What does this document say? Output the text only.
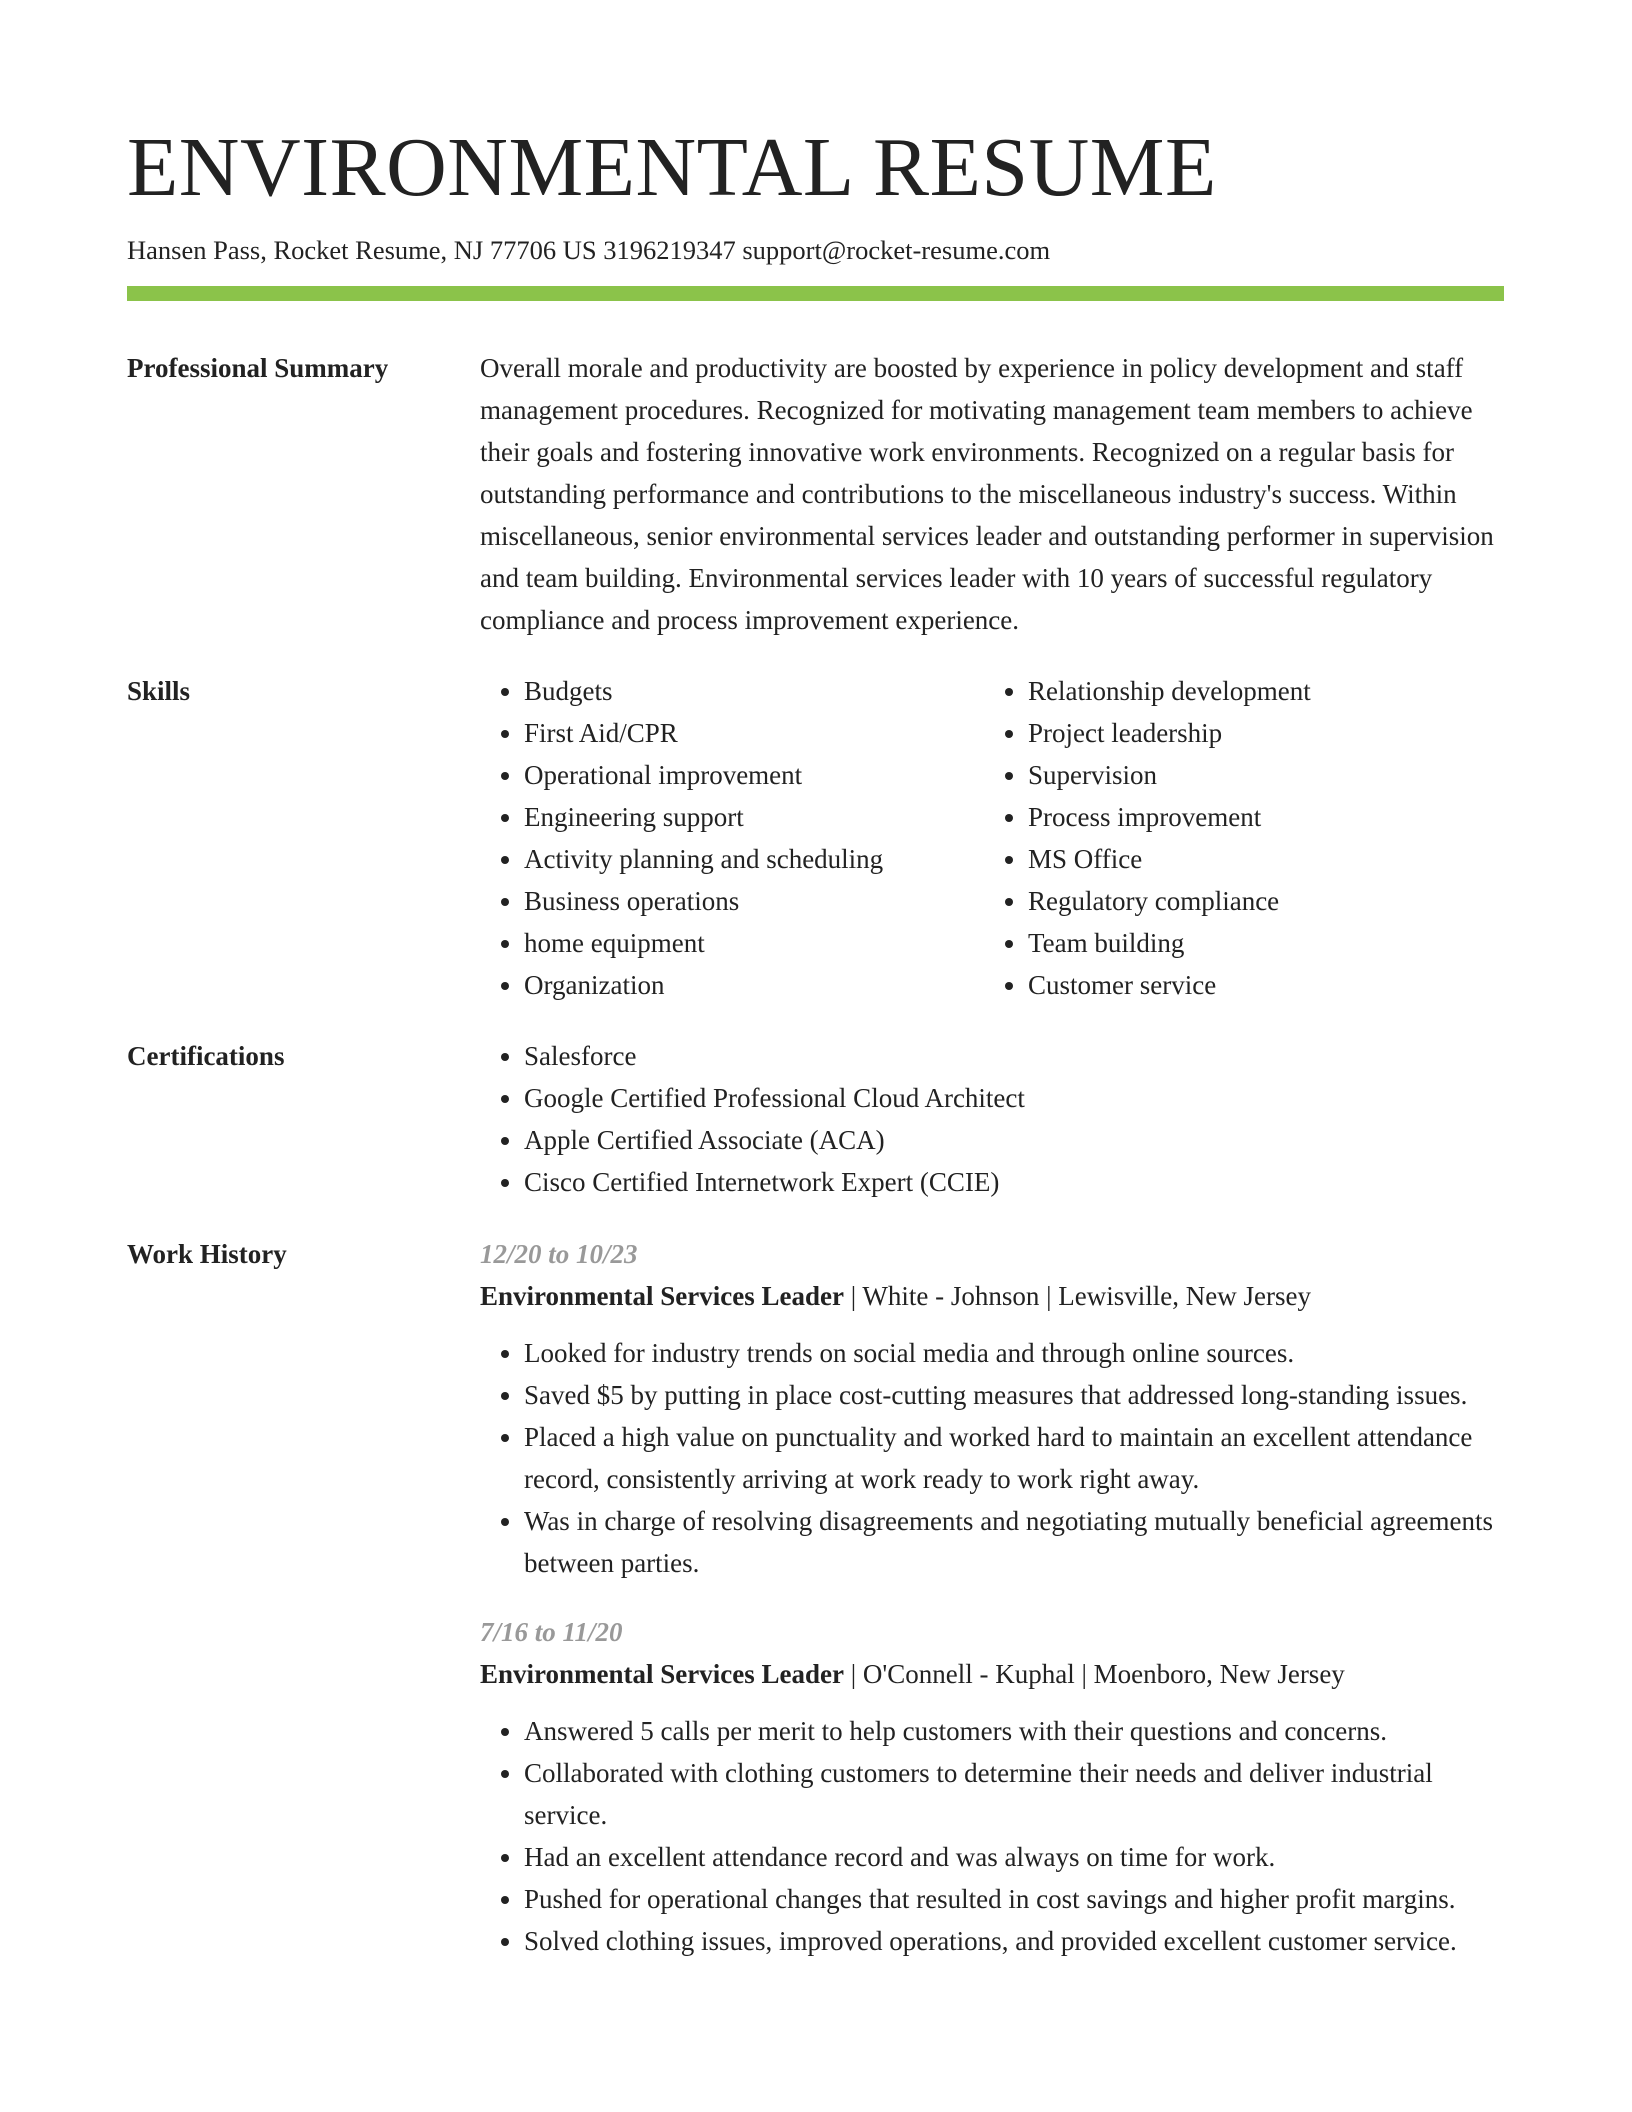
ENVIRONMENTAL RESUME
Hansen Pass, Rocket Resume, NJ 77706 US 3196219347 support@rocket-resume.com
Professional Summary	Overall morale and productivity are boosted by experience in policy development and staff management procedures. Recognized for motivating management team members to achieve their goals and fostering innovative work environments. Recognized on a regular basis for outstanding performance and contributions to the miscellaneous industry's success. Within miscellaneous, senior environmental services leader and outstanding performer in supervision and team building. Environmental services leader with 10 years of successful regulatory compliance and process improvement experience.

Skills	• Budgets
• First Aid/CPR
• Operational improvement
• Engineering support
• Activity planning and scheduling
• Business operations
• home equipment
• Organization
• Relationship development
• Project leadership
• Supervision
• Process improvement
• MS Office
• Regulatory compliance
• Team building
• Customer service
Certifications	• Salesforce
• Google Certified Professional Cloud Architect
• Apple Certified Associate (ACA)
• Cisco Certified Internetwork Expert (CCIE)
Work History	12/20 to 10/23
Environmental Services Leader | White - Johnson | Lewisville, New Jersey
• Looked for industry trends on social media and through online sources.
• Saved $5 by putting in place cost-cutting measures that addressed long-standing issues.
• Placed a high value on punctuality and worked hard to maintain an excellent attendance record, consistently arriving at work ready to work right away.
• Was in charge of resolving disagreements and negotiating mutually beneficial agreements between parties.
7/16 to 11/20
Environmental Services Leader | O'Connell - Kuphal | Moenboro, New Jersey
• Answered 5 calls per merit to help customers with their questions and concerns.
• Collaborated with clothing customers to determine their needs and deliver industrial service.
• Had an excellent attendance record and was always on time for work.
• Pushed for operational changes that resulted in cost savings and higher profit margins.
• Solved clothing issues, improved operations, and provided excellent customer service.
